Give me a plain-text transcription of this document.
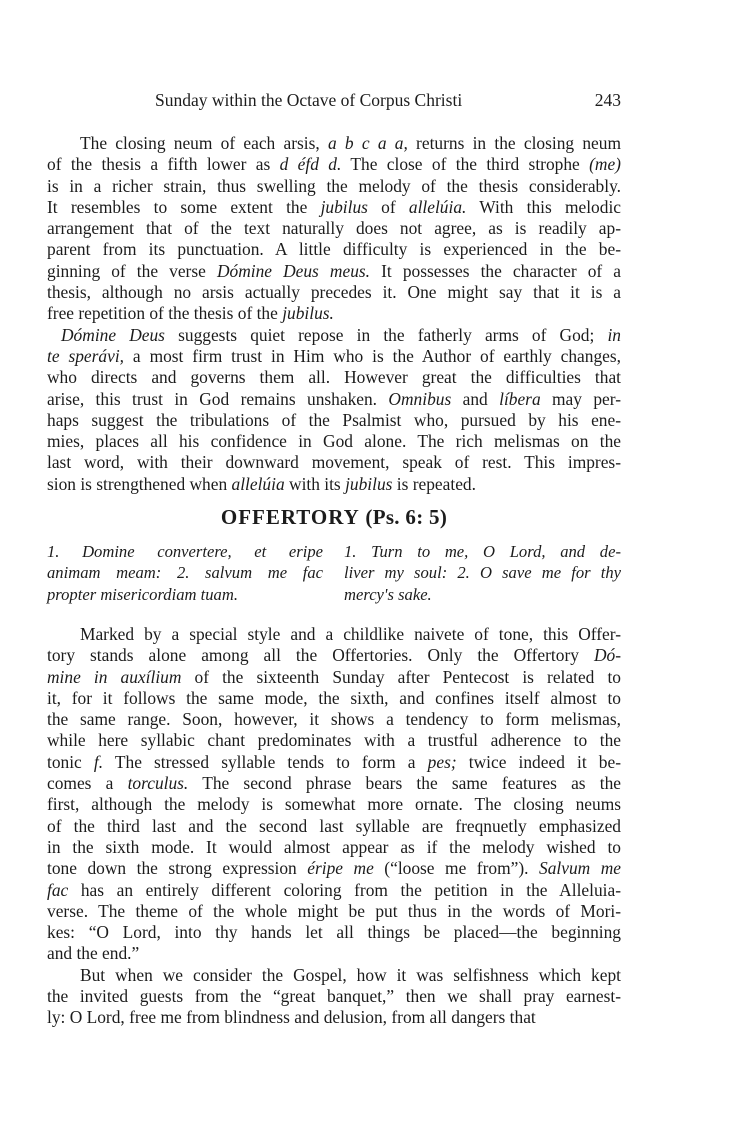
Sunday within the Octave of Corpus Christi	243
The closing neum of each arsis, a b c a a, returns in the closing neum
of the thesis a fifth lower as d éfd d. The close of the third strophe (me)
is in a richer strain, thus swelling the melody of the thesis considerably.
It resembles to some extent the jubilus of allelúia. With this melodic
arrangement that of the text naturally does not agree, as is readily ap-
parent from its punctuation. A little difficulty is experienced in the be-
ginning of the verse Dómine Deus meus. It possesses the character of a
thesis, although no arsis actually precedes it. One might say that it is a
free repetition of the thesis of the jubilus.
Dómine Deus suggests quiet repose in the fatherly arms of God; in
te sperávi, a most firm trust in Him who is the Author of earthly changes,
who directs and governs them all. However great the difficulties that
arise, this trust in God remains unshaken. Omnibus and líbera may per-
haps suggest the tribulations of the Psalmist who, pursued by his ene-
mies, places all his confidence in God alone. The rich melismas on the
last word, with their downward movement, speak of rest. This impres-
sion is strengthened when allelúia with its jubilus is repeated.
OFFERTORY (Ps. 6: 5)
1. Domine convertere, et eripe
animam meam: 2. salvum me fac
propter misericordiam tuam.
1. Turn to me, O Lord, and de-
liver my soul: 2. O save me for thy
mercy's sake.
Marked by a special style and a childlike naivete of tone, this Offer-
tory stands alone among all the Offertories. Only the Offertory Dó-
mine in auxílium of the sixteenth Sunday after Pentecost is related to
it, for it follows the same mode, the sixth, and confines itself almost to
the same range. Soon, however, it shows a tendency to form melismas,
while here syllabic chant predominates with a trustful adherence to the
tonic f. The stressed syllable tends to form a pes; twice indeed it be-
comes a torculus. The second phrase bears the same features as the
first, although the melody is somewhat more ornate. The closing neums
of the third last and the second last syllable are freqnuetly emphasized
in the sixth mode. It would almost appear as if the melody wished to
tone down the strong expression éripe me (“loose me from”). Salvum me
fac has an entirely different coloring from the petition in the Alleluia-
verse. The theme of the whole might be put thus in the words of Mori-
kes: “O Lord, into thy hands let all things be placed—the beginning
and the end.”
But when we consider the Gospel, how it was selfishness which kept
the invited guests from the “great banquet,” then we shall pray earnest-
ly: O Lord, free me from blindness and delusion, from all dangers that
